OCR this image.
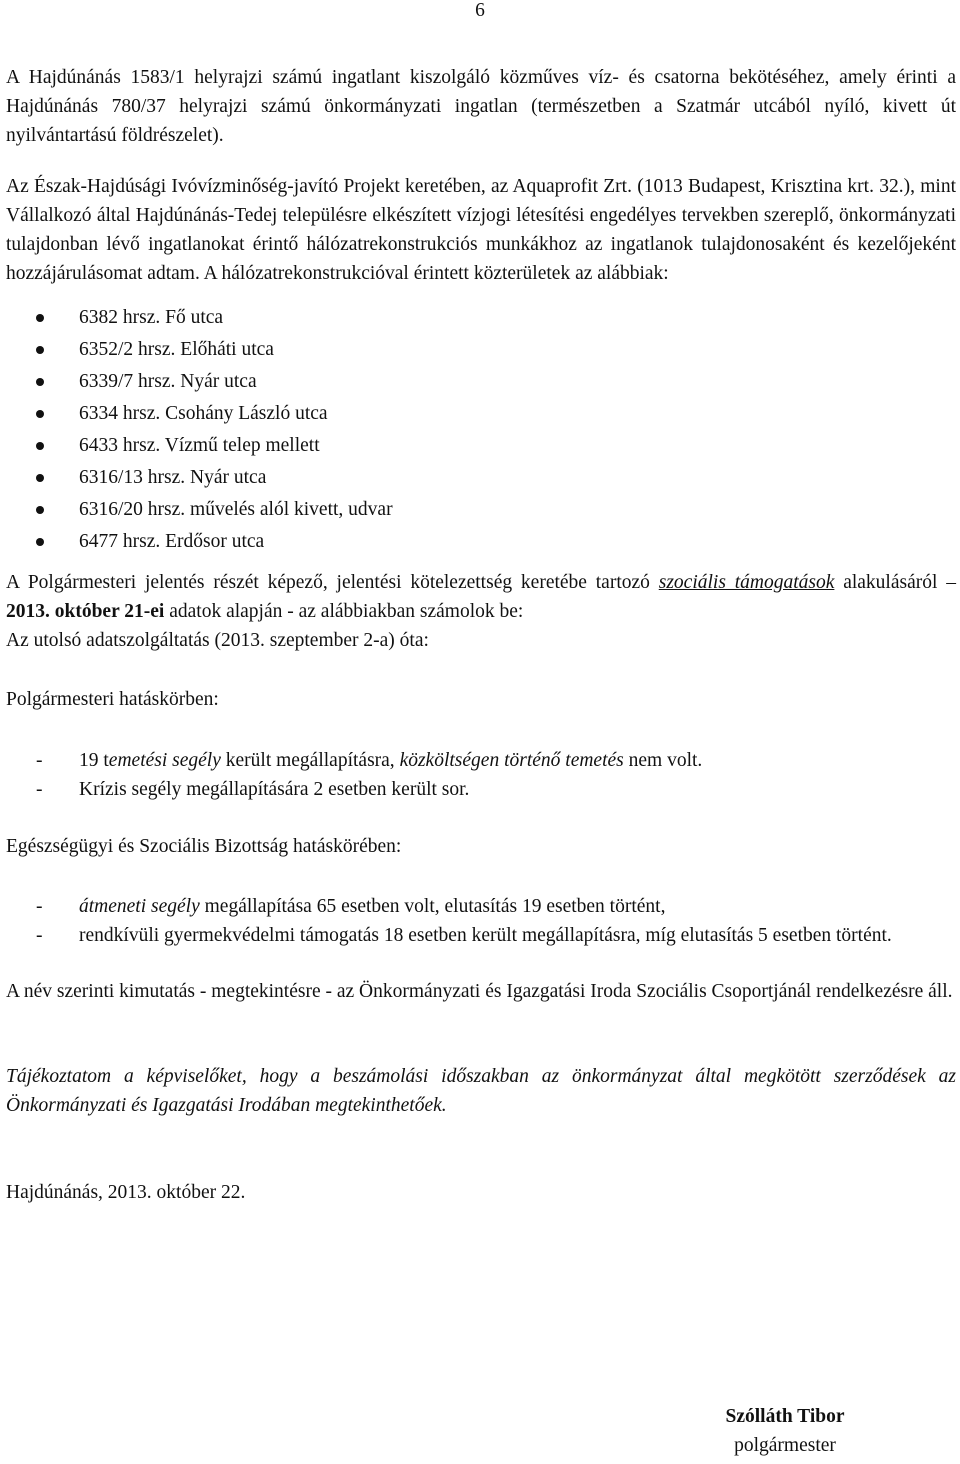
6

A Hajdúnánás 1583/1 helyrajzi számú ingatlant kiszolgáló közműves víz- és csatorna bekötéséhez, amely érinti a Hajdúnánás 780/37 helyrajzi számú önkormányzati ingatlan (természetben a Szatmár utcából nyíló, kivett út nyilvántartású földrészelet).

Az Észak-Hajdúsági Ivóvízminőség-javító Projekt keretében, az Aquaprofit Zrt. (1013 Budapest, Krisztina krt. 32.), mint Vállalkozó által Hajdúnánás-Tedej településre elkészített vízjogi létesítési engedélyes tervekben szereplő, önkormányzati tulajdonban lévő ingatlanokat érintő hálózatrekonstrukciós munkákhoz az ingatlanok tulajdonosaként és kezelőjeként hozzájárulásomat adtam. A hálózatrekonstrukcióval érintett közterületek az alábbiak:

6382 hrsz. Fő utca
6352/2 hrsz. Előháti utca
6339/7 hrsz. Nyár utca
6334 hrsz. Csohány László utca
6433 hrsz. Vízmű telep mellett
6316/13 hrsz. Nyár utca
6316/20 hrsz. művelés alól kivett, udvar
6477 hrsz. Erdősor utca

A Polgármesteri jelentés részét képező, jelentési kötelezettség keretébe tartozó szociális támogatások alakulásáról – 2013. október 21-ei adatok alapján - az alábbiakban számolok be:

Az utolsó adatszolgáltatás (2013. szeptember 2-a) óta:

Polgármesteri hatáskörben:

- 19 temetési segély került megállapításra, közköltségen történő temetés nem volt.
- Krízis segély megállapítására 2 esetben került sor.

Egészségügyi és Szociális Bizottság hatáskörében:

- átmeneti segély megállapítása 65 esetben volt, elutasítás 19 esetben történt,
- rendkívüli gyermekvédelmi támogatás 18 esetben került megállapításra, míg elutasítás 5 esetben történt.

A név szerinti kimutatás - megtekintésre - az Önkormányzati és Igazgatási Iroda Szociális Csoportjánál rendelkezésre áll.

Tájékoztatom a képviselőket, hogy a beszámolási időszakban az önkormányzat által megkötött szerződések az Önkormányzati és Igazgatási Irodában megtekinthetőek.

Hajdúnánás, 2013. október 22.

Szólláth Tibor
polgármester
